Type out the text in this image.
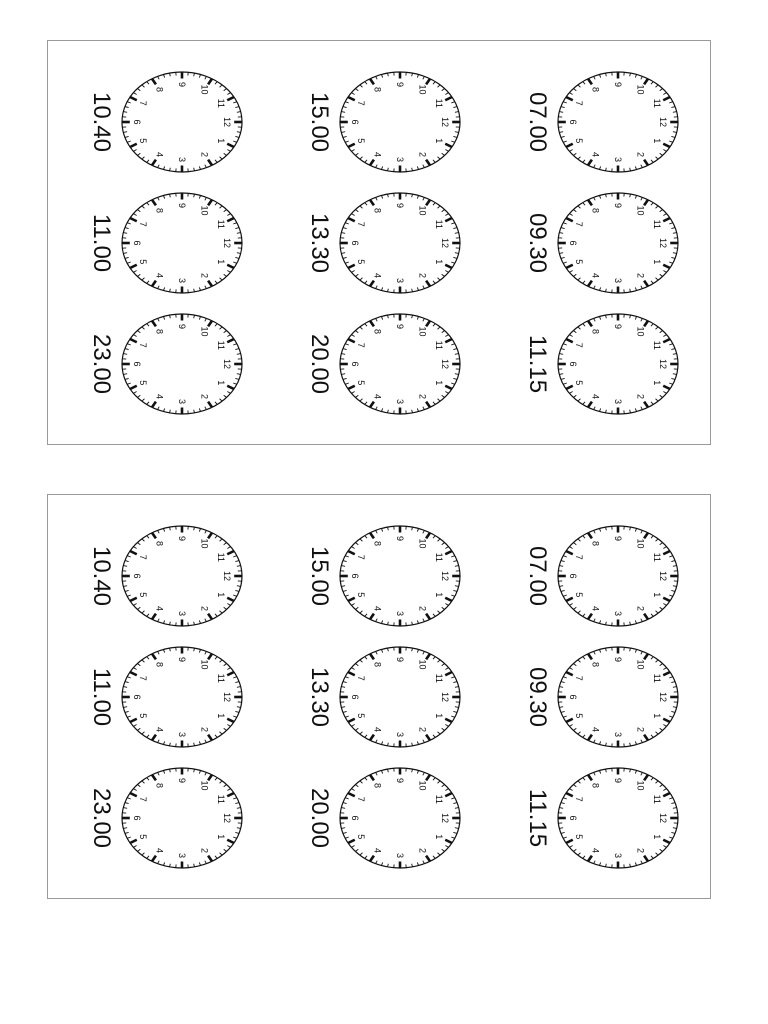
10.40	12
1
2
3
4
5
6
7
8
9
10
11
11.00	12
1
2
3
4
5
6
7
8
9
10
11
23.00	12
1
2
3
4
5
6
7
8
9
10
11
15.00	12
1
2
3
4
5
6
7
8
9
10
11
13.30	12
1
2
3
4
5
6
7
8
9
10
11
20.00	12
1
2
3
4
5
6
7
8
9
10
11
07.00	12
1
2
3
4
5
6
7
8
9
10
11
09.30	12
1
2
3
4
5
6
7
8
9
10
11
11.15	12
1
2
3
4
5
6
7
8
9
10
11
10.40	12
1
2
3
4
5
6
7
8
9
10
11
11.00	12
1
2
3
4
5
6
7
8
9
10
11
23.00	12
1
2
3
4
5
6
7
8
9
10
11
15.00	12
1
2
3
4
5
6
7
8
9
10
11
13.30	12
1
2
3
4
5
6
7
8
9
10
11
20.00	12
1
2
3
4
5
6
7
8
9
10
11
07.00	12
1
2
3
4
5
6
7
8
9
10
11
09.30	12
1
2
3
4
5
6
7
8
9
10
11
11.15	12
1
2
3
4
5
6
7
8
9
10
11
